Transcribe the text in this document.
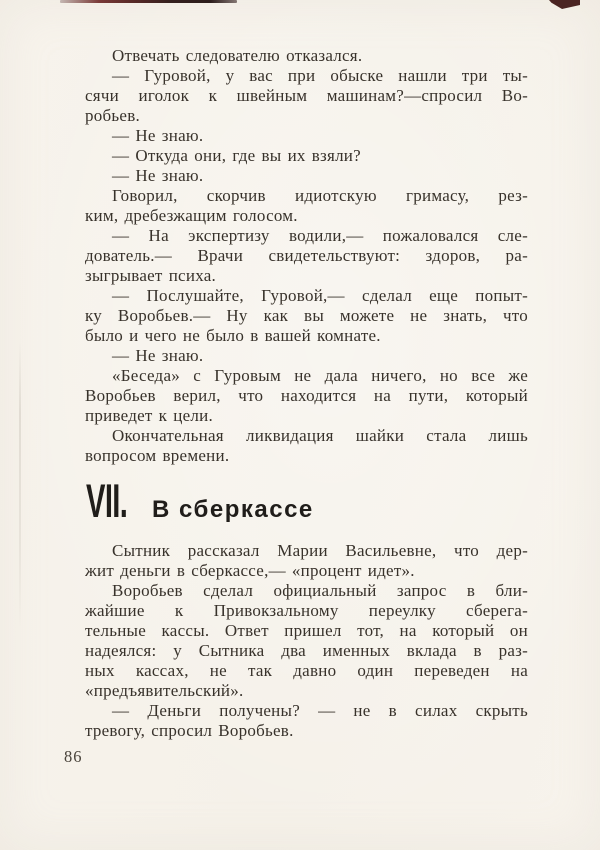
Отвечать следователю отказался.
— Гуровой, у вас при обыске нашли три ты-
сячи иголок к швейным машинам?—спросил Во-
робьев.
— Не знаю.
— Откуда они, где вы их взяли?
— Не знаю.
Говорил, скорчив идиотскую гримасу, рез-
ким, дребезжащим голосом.
— На экспертизу водили,— пожаловался сле-
дователь.— Врачи свидетельствуют: здоров, ра-
зыгрывает психа.
— Послушайте, Гуровой,— сделал еще попыт-
ку Воробьев.— Ну как вы можете не знать, что
было и чего не было в вашей комнате.
— Не знаю.
«Беседа» с Гуровым не дала ничего, но все же
Воробьев верил, что находится на пути, который
приведет к цели.
Окончательная ликвидация шайки стала лишь
вопросом времени.
VII. В сберкассе
Сытник рассказал Марии Васильевне, что дер-
жит деньги в сберкассе,— «процент идет».
Воробьев сделал официальный запрос в бли-
жайшие к Привокзальному переулку сберега-
тельные кассы. Ответ пришел тот, на который он
надеялся: у Сытника два именных вклада в раз-
ных кассах, не так давно один переведен на
«предъявительский».
— Деньги получены? — не в силах скрыть
тревогу, спросил Воробьев.
86
